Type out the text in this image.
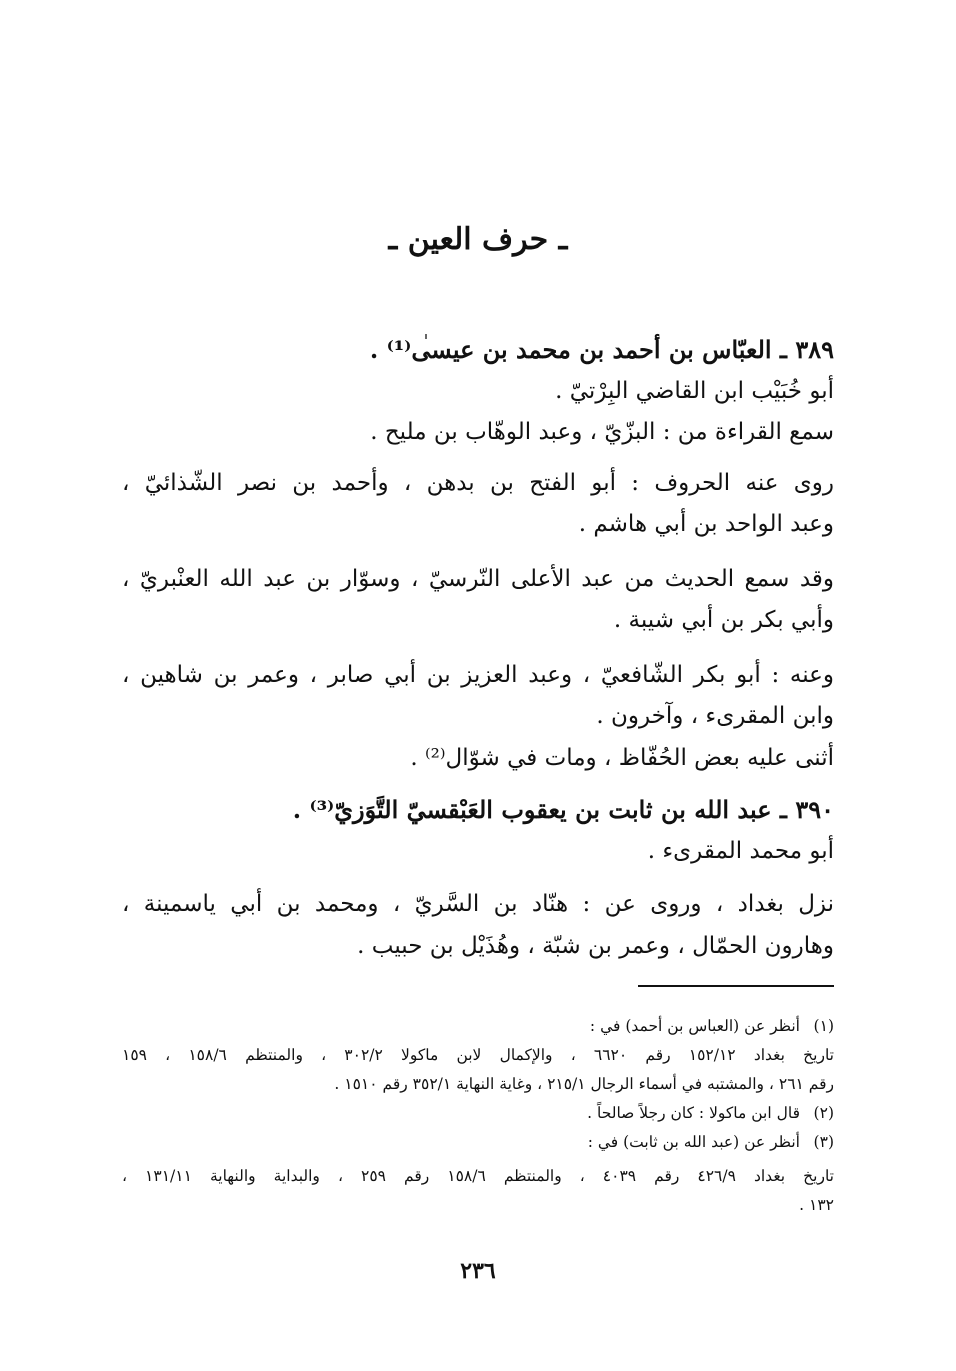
ـ حرف العين ـ
٣٨٩ ـ العبّاس بن أحمد بن محمد بن عيسى⁽¹⁾ .
أبو خُبَيْب ابن القاضي البِرْتيّ .
سمع القراءة من : البزّيّ ، وعبد الوهّاب بن مليح .
روى عنه الحروف : أبو الفتح بن بدهن ، وأحمد بن نصر الشّذائيّ ،
وعبد الواحد بن أبي هاشم .
وقد سمع الحديث من عبد الأعلى النّرسيّ ، وسوّار بن عبد الله العنْبريّ ،
وأبي بكر بن أبي شيبة .
وعنه : أبو بكر الشّافعيّ ، وعبد العزيز بن أبي صابر ، وعمر بن شاهين ،
وابن المقرىء ، وآخرون .
أثنى عليه بعض الحُفّاظ ، ومات في شوّال⁽²⁾ .
٣٩٠ ـ عبد الله بن ثابت بن يعقوب العَبْقسيّ التَّوَزيّ⁽³⁾ .
أبو محمد المقرىء .
نزل بغداد ، وروى عن : هنّاد بن السَّريّ ، ومحمد بن أبي ياسمينة ،
وهارون الحمّال ، وعمر بن شبّة ، وهُذَيْل بن حبيب .
(١)أنظر عن (العباس بن أحمد) في :
تاريخ بغداد ١٥٢/١٢ رقم ٦٦٢٠ ، والإكمال لابن ماكولا ٣٠٢/٢ ، والمنتظم ١٥٨/٦ ، ١٥٩
رقم ٢٦١ ، والمشتبه في أسماء الرجال ٢١٥/١ ، وغاية النهاية ٣٥٢/١ رقم ١٥١٠ .
(٢)قال ابن ماكولا : كان رجلاً صالحاً .
(٣)أنظر عن (عبد الله بن ثابت) في :
تاريخ بغداد ٤٢٦/٩ رقم ٤٠٣٩ ، والمنتظم ١٥٨/٦ رقم ٢٥٩ ، والبداية والنهاية ١٣١/١١ ،
١٣٢ .
٢٣٦
